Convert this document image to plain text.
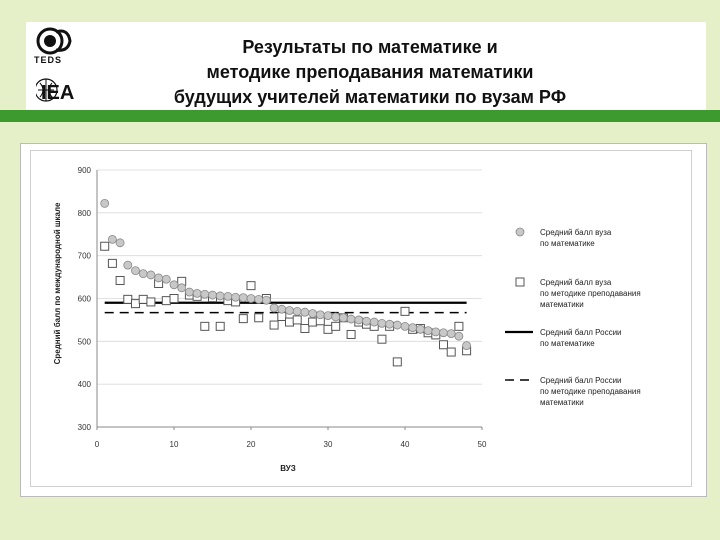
TEDS
IEA
Результаты по математике и
методике преподавания математики
будущих учителей математики по вузам РФ
300
400
500
600
700
800
900
0	10	20	30	40	50
ВУЗ
Средний балл по международной шкале	Средний балл вуза
по математике
Средний балл вуза
по методике преподавания
математики
Средний балл России
по математике
Средний балл России
по методике преподавания
математики
